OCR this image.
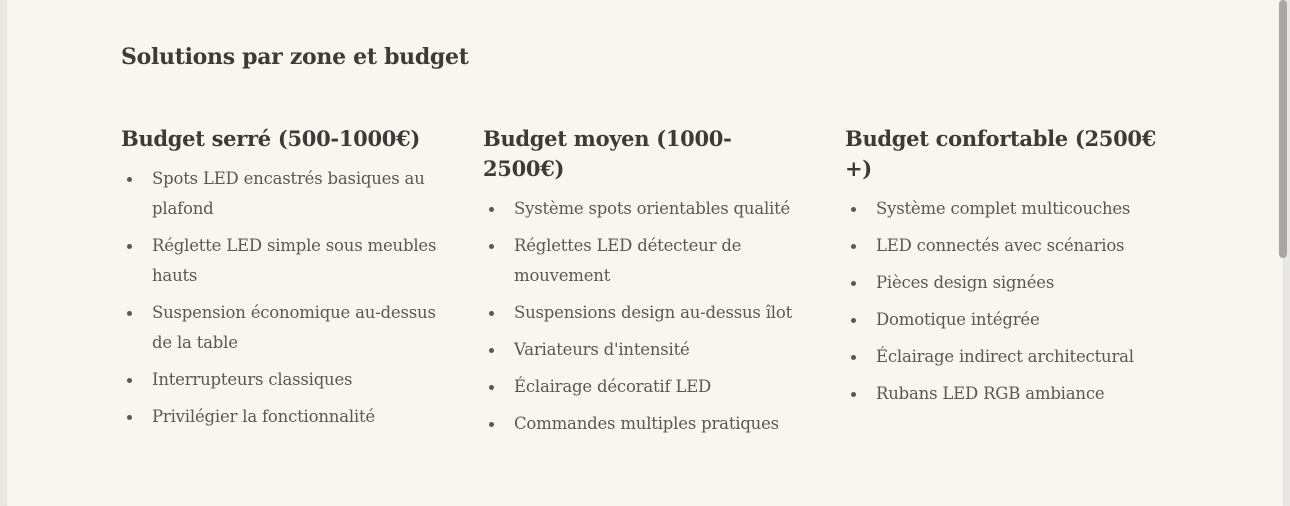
Solutions par zone et budget
Budget serré (500-1000€)
Spots LED encastrés basiques au plafond
Réglette LED simple sous meubles hauts
Suspension économique au-dessus de la table
Interrupteurs classiques
Privilégier la fonctionnalité
Budget moyen (1000-2500€)
Système spots orientables qualité
Réglettes LED détecteur de mouvement
Suspensions design au-dessus îlot
Variateurs d'intensité
Éclairage décoratif LED
Commandes multiples pratiques
Budget confortable (2500€+)
Système complet multicouches
LED connectés avec scénarios
Pièces design signées
Domotique intégrée
Éclairage indirect architectural
Rubans LED RGB ambiance
